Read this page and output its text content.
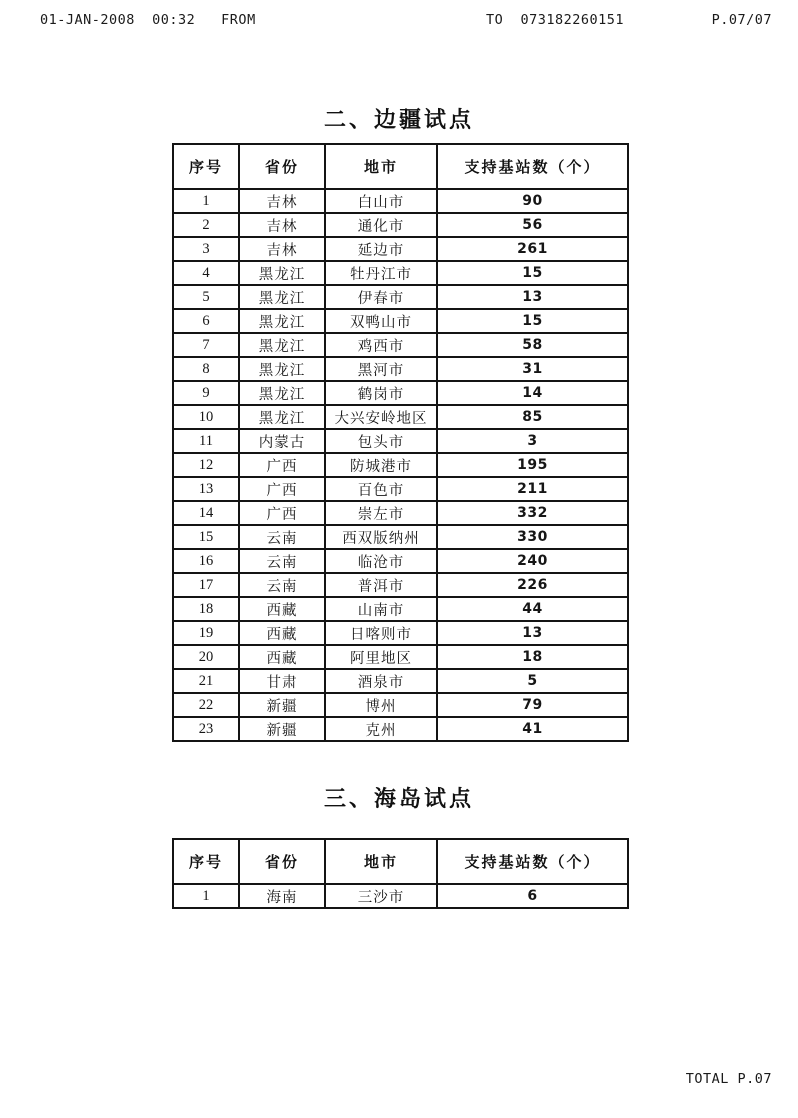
01-JAN-2008  00:32   FROM	TO  073182260151	P.07/07
二、边疆试点
序号	省份	地市	支持基站数（个）
1	吉林	白山市	90
2	吉林	通化市	56
3	吉林	延边市	261
4	黑龙江	牡丹江市	15
5	黑龙江	伊春市	13
6	黑龙江	双鸭山市	15
7	黑龙江	鸡西市	58
8	黑龙江	黑河市	31
9	黑龙江	鹤岗市	14
10	黑龙江	大兴安岭地区	85
11	内蒙古	包头市	3
12	广西	防城港市	195
13	广西	百色市	211
14	广西	崇左市	332
15	云南	西双版纳州	330
16	云南	临沧市	240
17	云南	普洱市	226
18	西藏	山南市	44
19	西藏	日喀则市	13
20	西藏	阿里地区	18
21	甘肃	酒泉市	5
22	新疆	博州	79
23	新疆	克州	41
三、海岛试点
序号	省份	地市	支持基站数（个）
1	海南	三沙市	6
TOTAL P.07
